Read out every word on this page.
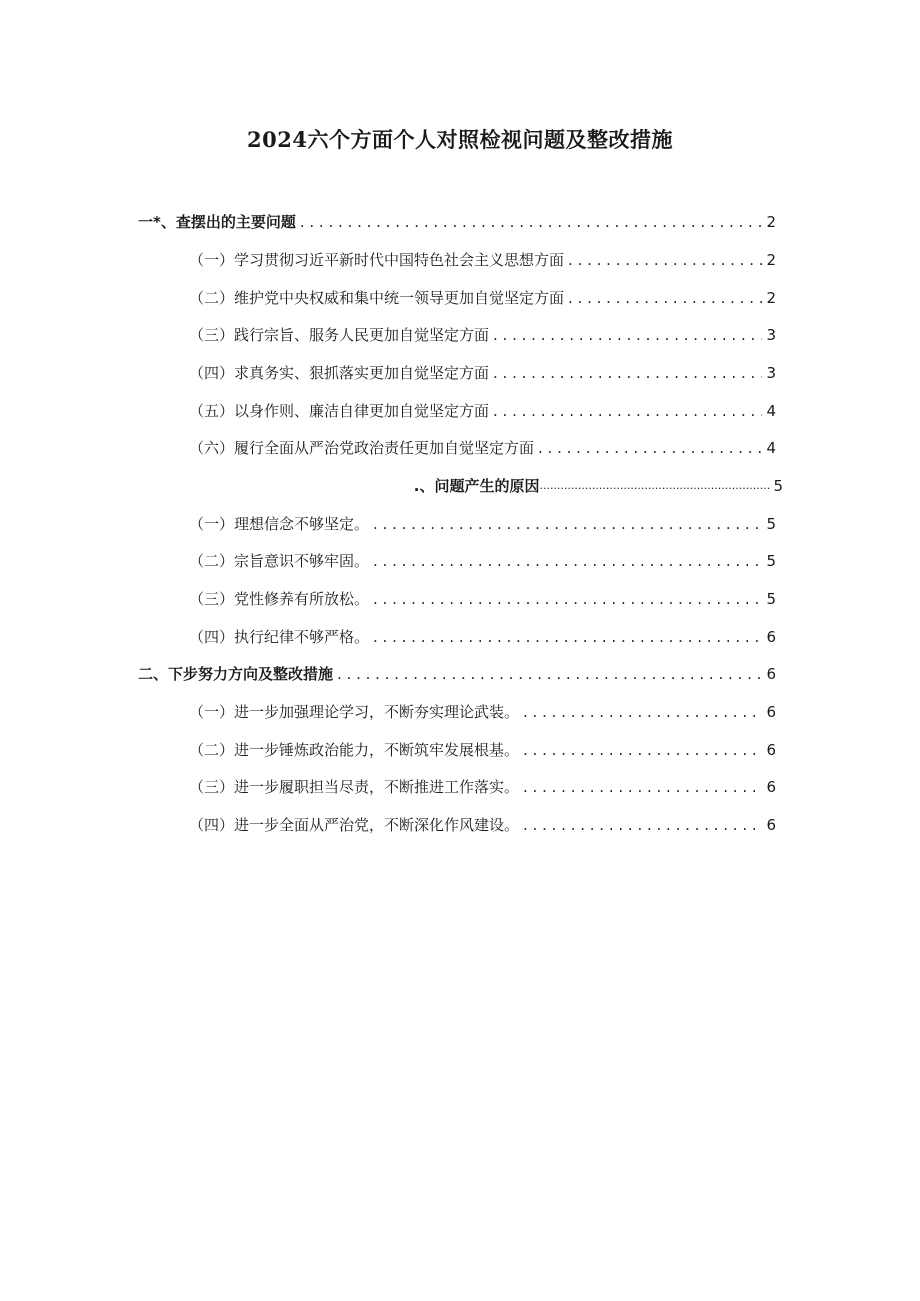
2024六个方面个人对照检视问题及整改措施
一*、查摆出的主要问题 . . .	2
（一）学习贯彻习近平新时代中国特色社会主义思想方面 . . .	2
（二）维护党中央权威和集中统一领导更加自觉坚定方面 . . .	2
（三）践行宗旨、服务人民更加自觉坚定方面 . . .	3
（四）求真务实、狠抓落实更加自觉坚定方面 . . .	3
（五）以身作则、廉洁自律更加自觉坚定方面 . . .	4
（六）履行全面从严治党政治责任更加自觉坚定方面 . . .	4
.、问题产生的原因 .....	5
（一）理想信念不够坚定。 . . .	5
（二）宗旨意识不够牢固。 . . .	5
（三）党性修养有所放松。 . . .	5
（四）执行纪律不够严格。 . . .	6
二、下步努力方向及整改措施 . . .	6
（一）进一步加强理论学习，不断夯实理论武装。 . . .	6
（二）进一步锤炼政治能力，不断筑牢发展根基。 . . .	6
（三）进一步履职担当尽责，不断推进工作落实。 . . .	6
（四）进一步全面从严治党，不断深化作风建设。 . . .	6
